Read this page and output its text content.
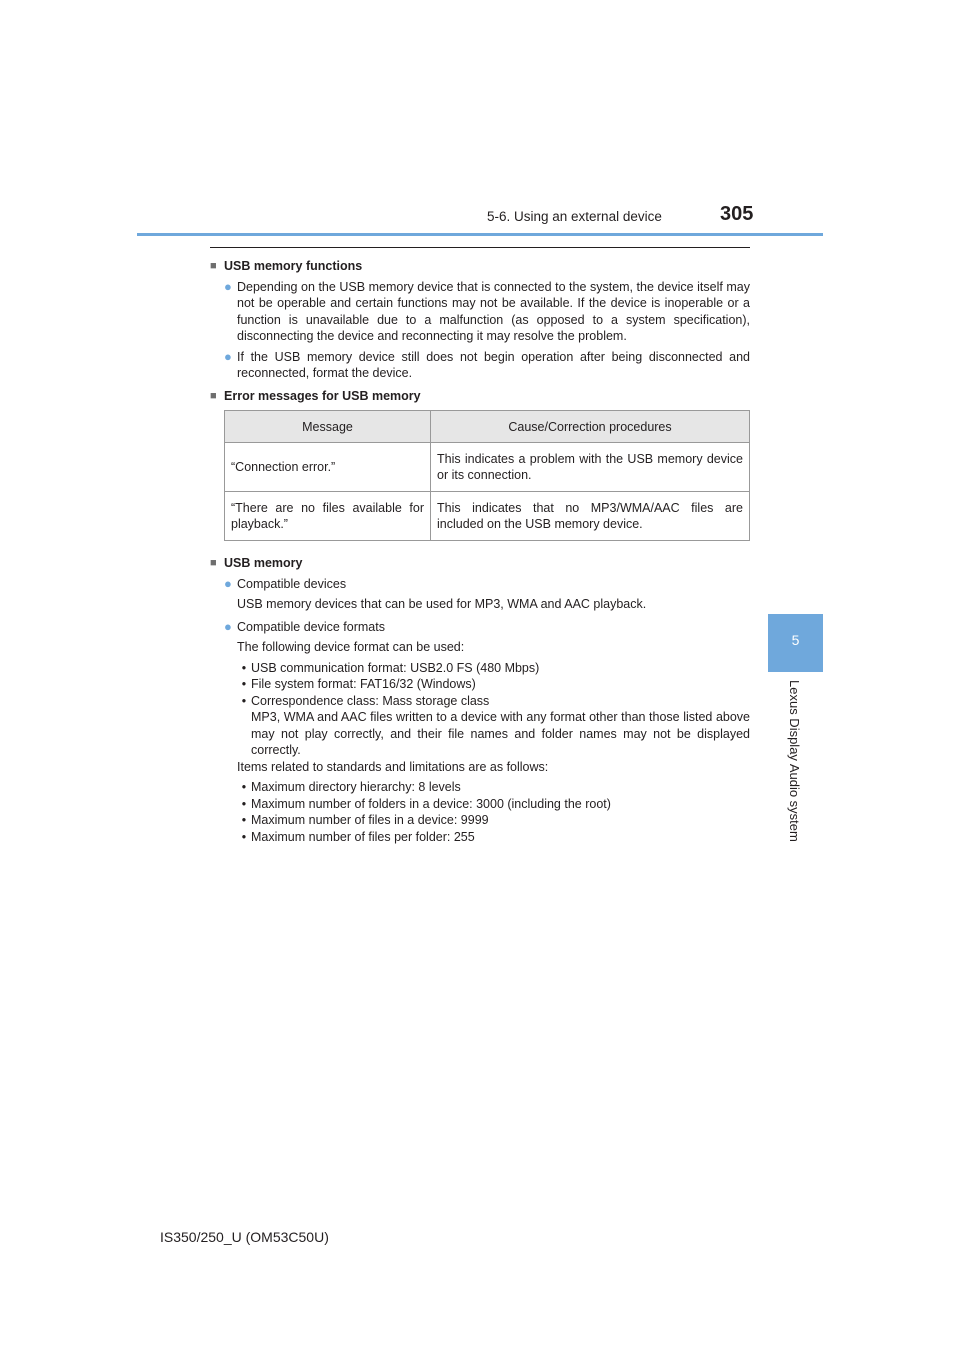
5-6. Using an external device	305
5
Lexus Display Audio system
■ USB memory functions
● Depending on the USB memory device that is connected to the system, the device itself may not be operable and certain functions may not be available. If the device is inoperable or a function is unavailable due to a malfunction (as opposed to a system specification), disconnecting the device and reconnecting it may resolve the problem.
● If the USB memory device still does not begin operation after being disconnected and reconnected, format the device.
■ Error messages for USB memory
Message	Cause/Correction procedures
“Connection error.”	This indicates a problem with the USB memory device or its connection.
“There are no files available for playback.”	This indicates that no MP3/WMA/AAC files are included on the USB memory device.
■ USB memory
● Compatible devices
USB memory devices that can be used for MP3, WMA and AAC playback.
● Compatible device formats
The following device format can be used:
• USB communication format: USB2.0 FS (480 Mbps)
• File system format: FAT16/32 (Windows)
• Correspondence class: Mass storage class
MP3, WMA and AAC files written to a device with any format other than those listed above may not play correctly, and their file names and folder names may not be displayed correctly.
Items related to standards and limitations are as follows:
• Maximum directory hierarchy: 8 levels
• Maximum number of folders in a device: 3000 (including the root)
• Maximum number of files in a device: 9999
• Maximum number of files per folder: 255
IS350/250_U (OM53C50U)
